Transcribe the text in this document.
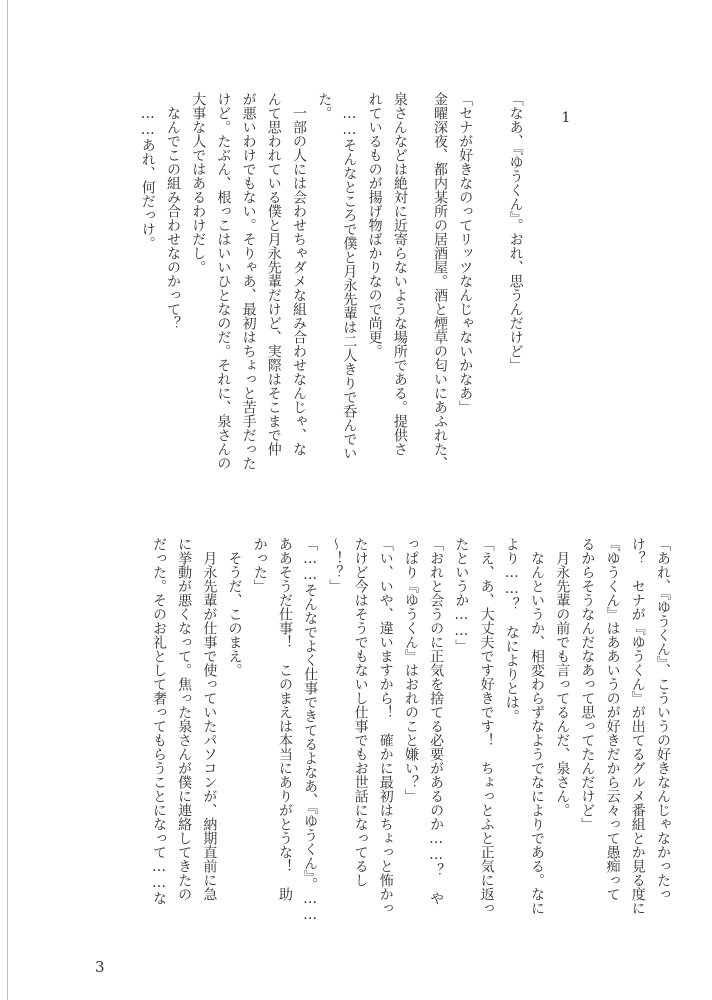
1
「なあ、『ゆうくん』。おれ、思うんだけど」
「セナが好きなのってリッツなんじゃないかなあ」
金曜深夜、都内某所の居酒屋。酒と煙草の匂いにあふれた、
泉さんなどは絶対に近寄らないような場所である。提供さ
れているものが揚げ物ばかりなので尚更。
　……そんなところで僕と月永先輩は二人きりで呑んでい
た。
　一部の人には会わせちゃダメな組み合わせなんじゃ、な
んて思われている僕と月永先輩だけど、実際はそこまで仲
が悪いわけでもない。そりゃあ、最初はちょっと苦手だった
けど。たぶん、根っこはいいひとなのだ。それに、泉さんの
大事な人ではあるわけだし。
　なんでこの組み合わせなのかって？
　……あれ、何だっけ。
「あれ、『ゆうくん』、こういうの好きなんじゃなかったっ
け？　セナが『ゆうくん』が出てるグルメ番組とか見る度に
『ゆうくん』はああいうのが好きだから云々って愚痴って
るからそうなんだなあって思ってたんだけど」
　月永先輩の前でも言ってるんだ、泉さん。
　なんというか、相変わらずなようでなによりである。なに
より……？　なによりとは。
「え、あ、大丈夫です好きです！　ちょっとふと正気に返っ
たというか……」
「おれと会うのに正気を捨てる必要があるのか……？　や
っぱり『ゆうくん』はおれのこと嫌い？」
「い、いや、違いますから！　確かに最初はちょっと怖かっ
たけど今はそうでもないし仕事でもお世話になってるし
〜！？」
「……そんなでよく仕事できてるよなあ、『ゆうくん』。……
ああそうだ仕事！　このまえは本当にありがとうな！　助
かった」
　そうだ、このまえ。
　月永先輩が仕事で使っていたパソコンが、納期直前に急
に挙動が悪くなって。焦った泉さんが僕に連絡してきたの
だった。そのお礼として奢ってもらうことになって……な
3
